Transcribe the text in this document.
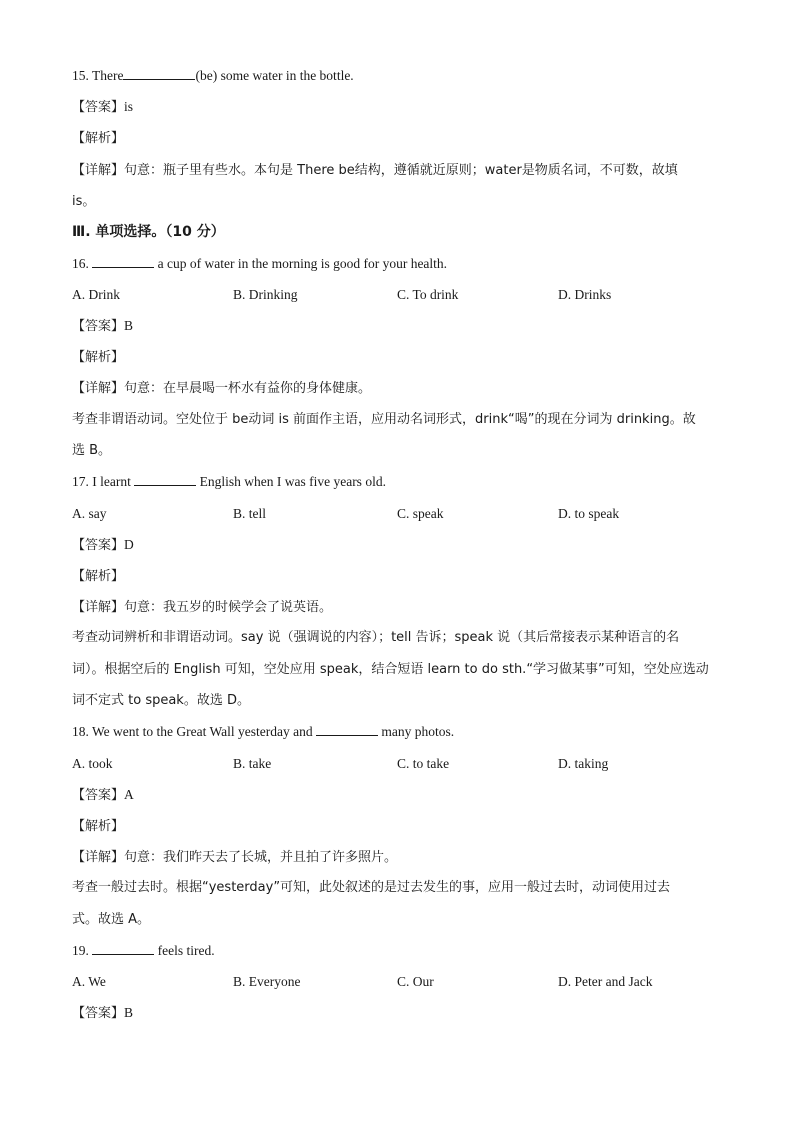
15. There	(be) some water in the bottle.
【答案】is
【解析】
【详解】句意：瓶子里有些水。本句是 There be结构，遵循就近原则；water是物质名词，不可数，故填
is。
Ⅲ. 单项选择。（10 分）
16.	a cup of water in the morning is good for your health.
A. Drink	B. Drinking	C. To drink	D. Drinks
【答案】B
【解析】
【详解】句意：在早晨喝一杯水有益你的身体健康。
考查非谓语动词。空处位于 be动词 is 前面作主语，应用动名词形式，drink“喝”的现在分词为 drinking。故
选 B。
17. I learnt	English when I was five years old.
A. say	B. tell	C. speak	D. to speak
【答案】D
【解析】
【详解】句意：我五岁的时候学会了说英语。
考查动词辨析和非谓语动词。say 说（强调说的内容）；tell 告诉；speak 说（其后常接表示某种语言的名
词）。根据空后的 English 可知，空处应用 speak，结合短语 learn to do sth.“学习做某事”可知，空处应选动
词不定式 to speak。故选 D。
18. We went to the Great Wall yesterday and	many photos.
A. took	B. take	C. to take	D. taking
【答案】A
【解析】
【详解】句意：我们昨天去了长城，并且拍了许多照片。
考查一般过去时。根据“yesterday”可知，此处叙述的是过去发生的事，应用一般过去时，动词使用过去
式。故选 A。
19.	feels tired.
A. We	B. Everyone	C. Our	D. Peter and Jack
【答案】B
